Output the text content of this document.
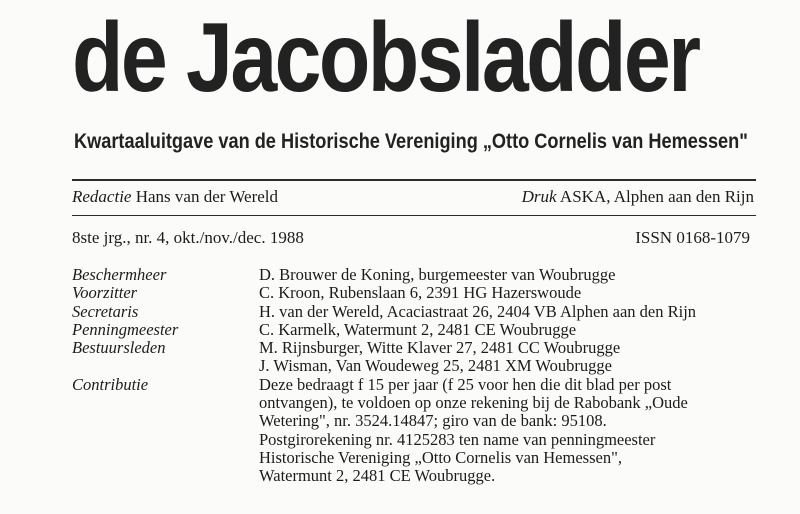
de Jacobsladder
Kwartaaluitgave van de Historische Vereniging „Otto Cornelis van Hemessen"
Redactie Hans van der Wereld	Druk ASKA, Alphen aan den Rijn
8ste jrg., nr. 4, okt./nov./dec. 1988	ISSN 0168-1079
Beschermheer
Voorzitter
Secretaris
Penningmeester
Bestuursleden
Contributie
D. Brouwer de Koning, burgemeester van Woubrugge
C. Kroon, Rubenslaan 6, 2391 HG Hazerswoude
H. van der Wereld, Acaciastraat 26, 2404 VB Alphen aan den Rijn
C. Karmelk, Watermunt 2, 2481 CE Woubrugge
M. Rijnsburger, Witte Klaver 27, 2481 CC Woubrugge
J. Wisman, Van Woudeweg 25, 2481 XM Woubrugge
Deze bedraagt f 15 per jaar (f 25 voor hen die dit blad per post
ontvangen), te voldoen op onze rekening bij de Rabobank „Oude
Wetering", nr. 3524.14847; giro van de bank: 95108.
Postgirorekening nr. 4125283 ten name van penningmeester
Historische Vereniging „Otto Cornelis van Hemessen",
Watermunt 2, 2481 CE Woubrugge.
